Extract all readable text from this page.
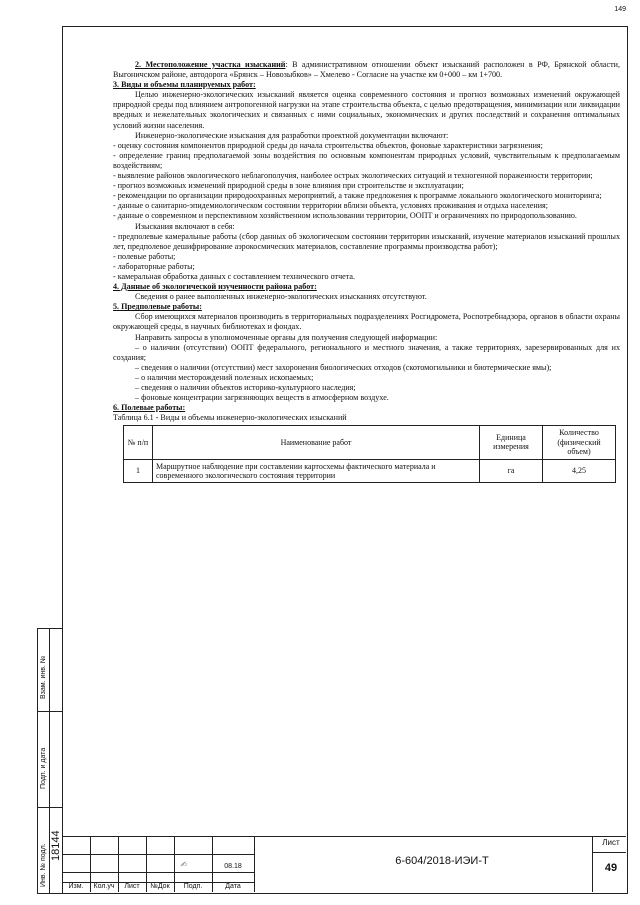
149

2. Местоположение участка изысканий: В административном отношении объект изысканий расположен в РФ, Брянской области, Выгоничском районе, автодорога «Брянск – Новозыбков» – Хмелево - Согласие на участке км 0+000 – км 1+700.

3. Виды и объемы планируемых работ:

Целью инженерно-экологических изысканий является оценка современного состояния и прогноз возможных изменений окружающей природной среды под влиянием антропогенной нагрузки на этапе строительства объекта, с целью предотвращения, минимизации или ликвидации вредных и нежелательных экологических и связанных с ними социальных, экономических и других последствий и сохранения оптимальных условий жизни населения.

Инженерно-экологические изыскания для разработки проектной документации включают:

- оценку состояния компонентов природной среды до начала строительства объектов, фоновые характеристики загрязнения;

- определение границ предполагаемой зоны воздействия по основным компонентам природных условий, чувствительным к предполагаемым воздействиям;

- выявление районов экологического неблагополучия, наиболее острых экологических ситуаций и техногенной пораженности территории;

- прогноз возможных изменений природной среды в зоне влияния при строительстве и эксплуатации;

- рекомендации по организации природоохранных мероприятий, а также предложения к программе локального экологического мониторинга;

- данные о санитарно-эпидемиологическом состоянии территории вблизи объекта, условиях проживания и отдыха населения;

- данные о современном и перспективном хозяйственном использовании территории, ООПТ и ограничениях по природопользованию.

Изыскания включают в себя:

- предполевые камеральные работы (сбор данных об экологическом состоянии территории изысканий, изучение материалов изысканий прошлых лет, предполевое дешифрирование аэрокосмических материалов, составление программы производства работ);

- полевые работы;

- лабораторные работы;

- камеральная обработка данных с составлением технического отчета.

4. Данные об экологической изученности района работ:

Сведения о ранее выполненных инженерно-экологических изысканиях отсутствуют.

5. Предполевые работы:

Сбор имеющихся материалов производить в территориальных подразделениях Росгидромета, Роспотребнадзора, органов в области охраны окружающей среды, в научных библиотеках и фондах.

Направить запросы в уполномоченные органы для получения следующей информации:

– о наличии (отсутствии) ООПТ федерального, регионального и местного значения, а также территориях, зарезервированных для их создания;

– сведения о наличии (отсутствии) мест захоронения биологических отходов (скотомогильники и биотермические ямы);

– о наличии месторождений полезных ископаемых;

– сведения о наличии объектов историко-культурного наследия;

– фоновые концентрации загрязняющих веществ в атмосферном воздухе.

6. Полевые работы:

Таблица 6.1 - Виды и объемы инженерно-экологических изысканий

№ п/п	Наименование работ	Единица измерения	Количество (физический объем)
1	Маршрутное наблюдение при составлении картосхемы фактического материала и современного экологического состояния территории	га	4,25
Взам. инв. №
Подп. и дата
Инв. № подл. 18144
Изм.	Кол.уч	Лист	№Док	Подп.	Дата
✍︎	08.18	6-604/2018-ИЭИ-Т
Лист
49
